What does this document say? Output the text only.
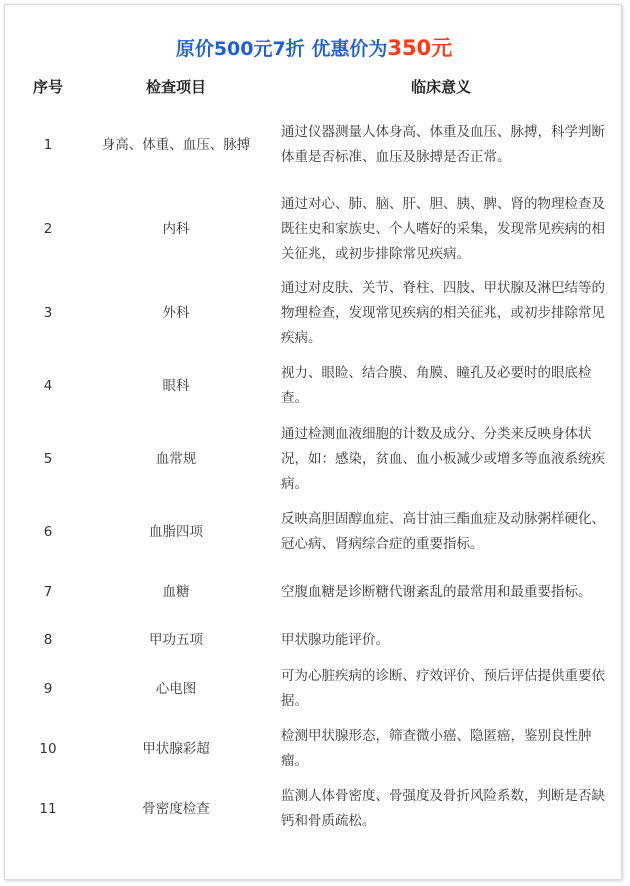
原价500元7折 优惠价为350元
序号	检查项目	临床意义
1	身高、体重、血压、脉搏	通过仪器测量人体身高、体重及血压、脉搏，科学判断体重是否标准、血压及脉搏是否正常。
2	内科	通过对心、肺、脑、肝、胆、胰、脾、肾的物理检查及既往史和家族史、个人嗜好的采集，发现常见疾病的相关征兆，或初步排除常见疾病。
3	外科	通过对皮肤、关节、脊柱、四肢、甲状腺及淋巴结等的物理检查，发现常见疾病的相关征兆，或初步排除常见疾病。
4	眼科	视力、眼睑、结合膜、角膜、瞳孔及必要时的眼底检查。
5	血常规	通过检测血液细胞的计数及成分、分类来反映身体状况，如：感染，贫血、血小板减少或增多等血液系统疾病。
6	血脂四项	反映高胆固醇血症、高甘油三酯血症及动脉粥样硬化、冠心病、肾病综合症的重要指标。
7	血糖	空腹血糖是诊断糖代谢紊乱的最常用和最重要指标。
8	甲功五项	甲状腺功能评价。
9	心电图	可为心脏疾病的诊断、疗效评价、预后评估提供重要依据。
10	甲状腺彩超	检测甲状腺形态，筛查微小癌、隐匿癌，鉴别良性肿瘤。
11	骨密度检查	监测人体骨密度、骨强度及骨折风险系数，判断是否缺钙和骨质疏松。
